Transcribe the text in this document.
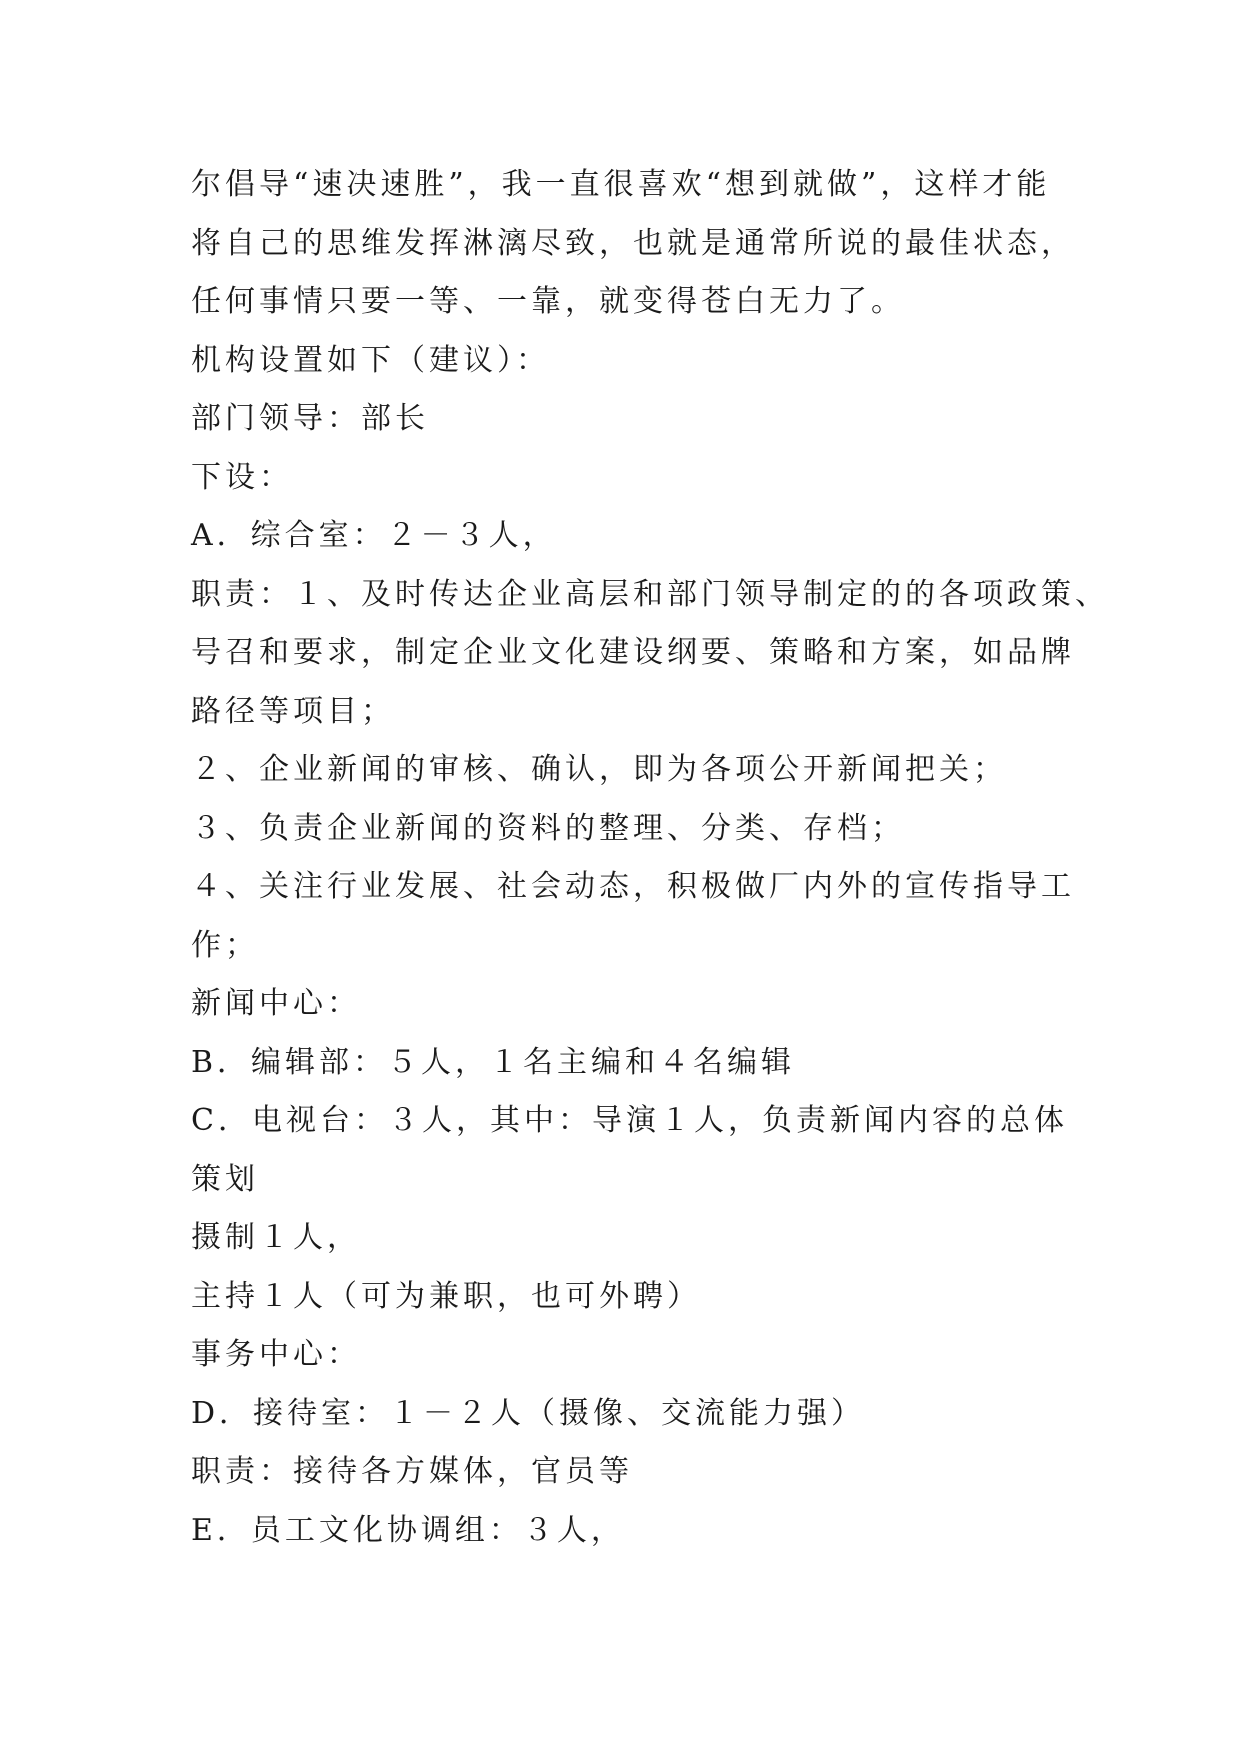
尔倡导“速决速胜”，我一直很喜欢“想到就做”，这样才能
将自己的思维发挥淋漓尽致，也就是通常所说的最佳状态，
任何事情只要一等、一靠，就变得苍白无力了。
机构设置如下（建议）：
部门领导：部长
下设：
A．综合室：２－３人，
职责：１、及时传达企业高层和部门领导制定的的各项政策、
号召和要求，制定企业文化建设纲要、策略和方案，如品牌
路径等项目；
２、企业新闻的审核、确认，即为各项公开新闻把关；
３、负责企业新闻的资料的整理、分类、存档；
４、关注行业发展、社会动态，积极做厂内外的宣传指导工
作；
新闻中心：
B．编辑部：５人，１名主编和４名编辑
C．电视台：３人，其中：导演１人，负责新闻内容的总体
策划
摄制１人，
主持１人（可为兼职，也可外聘）
事务中心：
D．接待室：１－２人（摄像、交流能力强）
职责：接待各方媒体，官员等
E．员工文化协调组：３人，
